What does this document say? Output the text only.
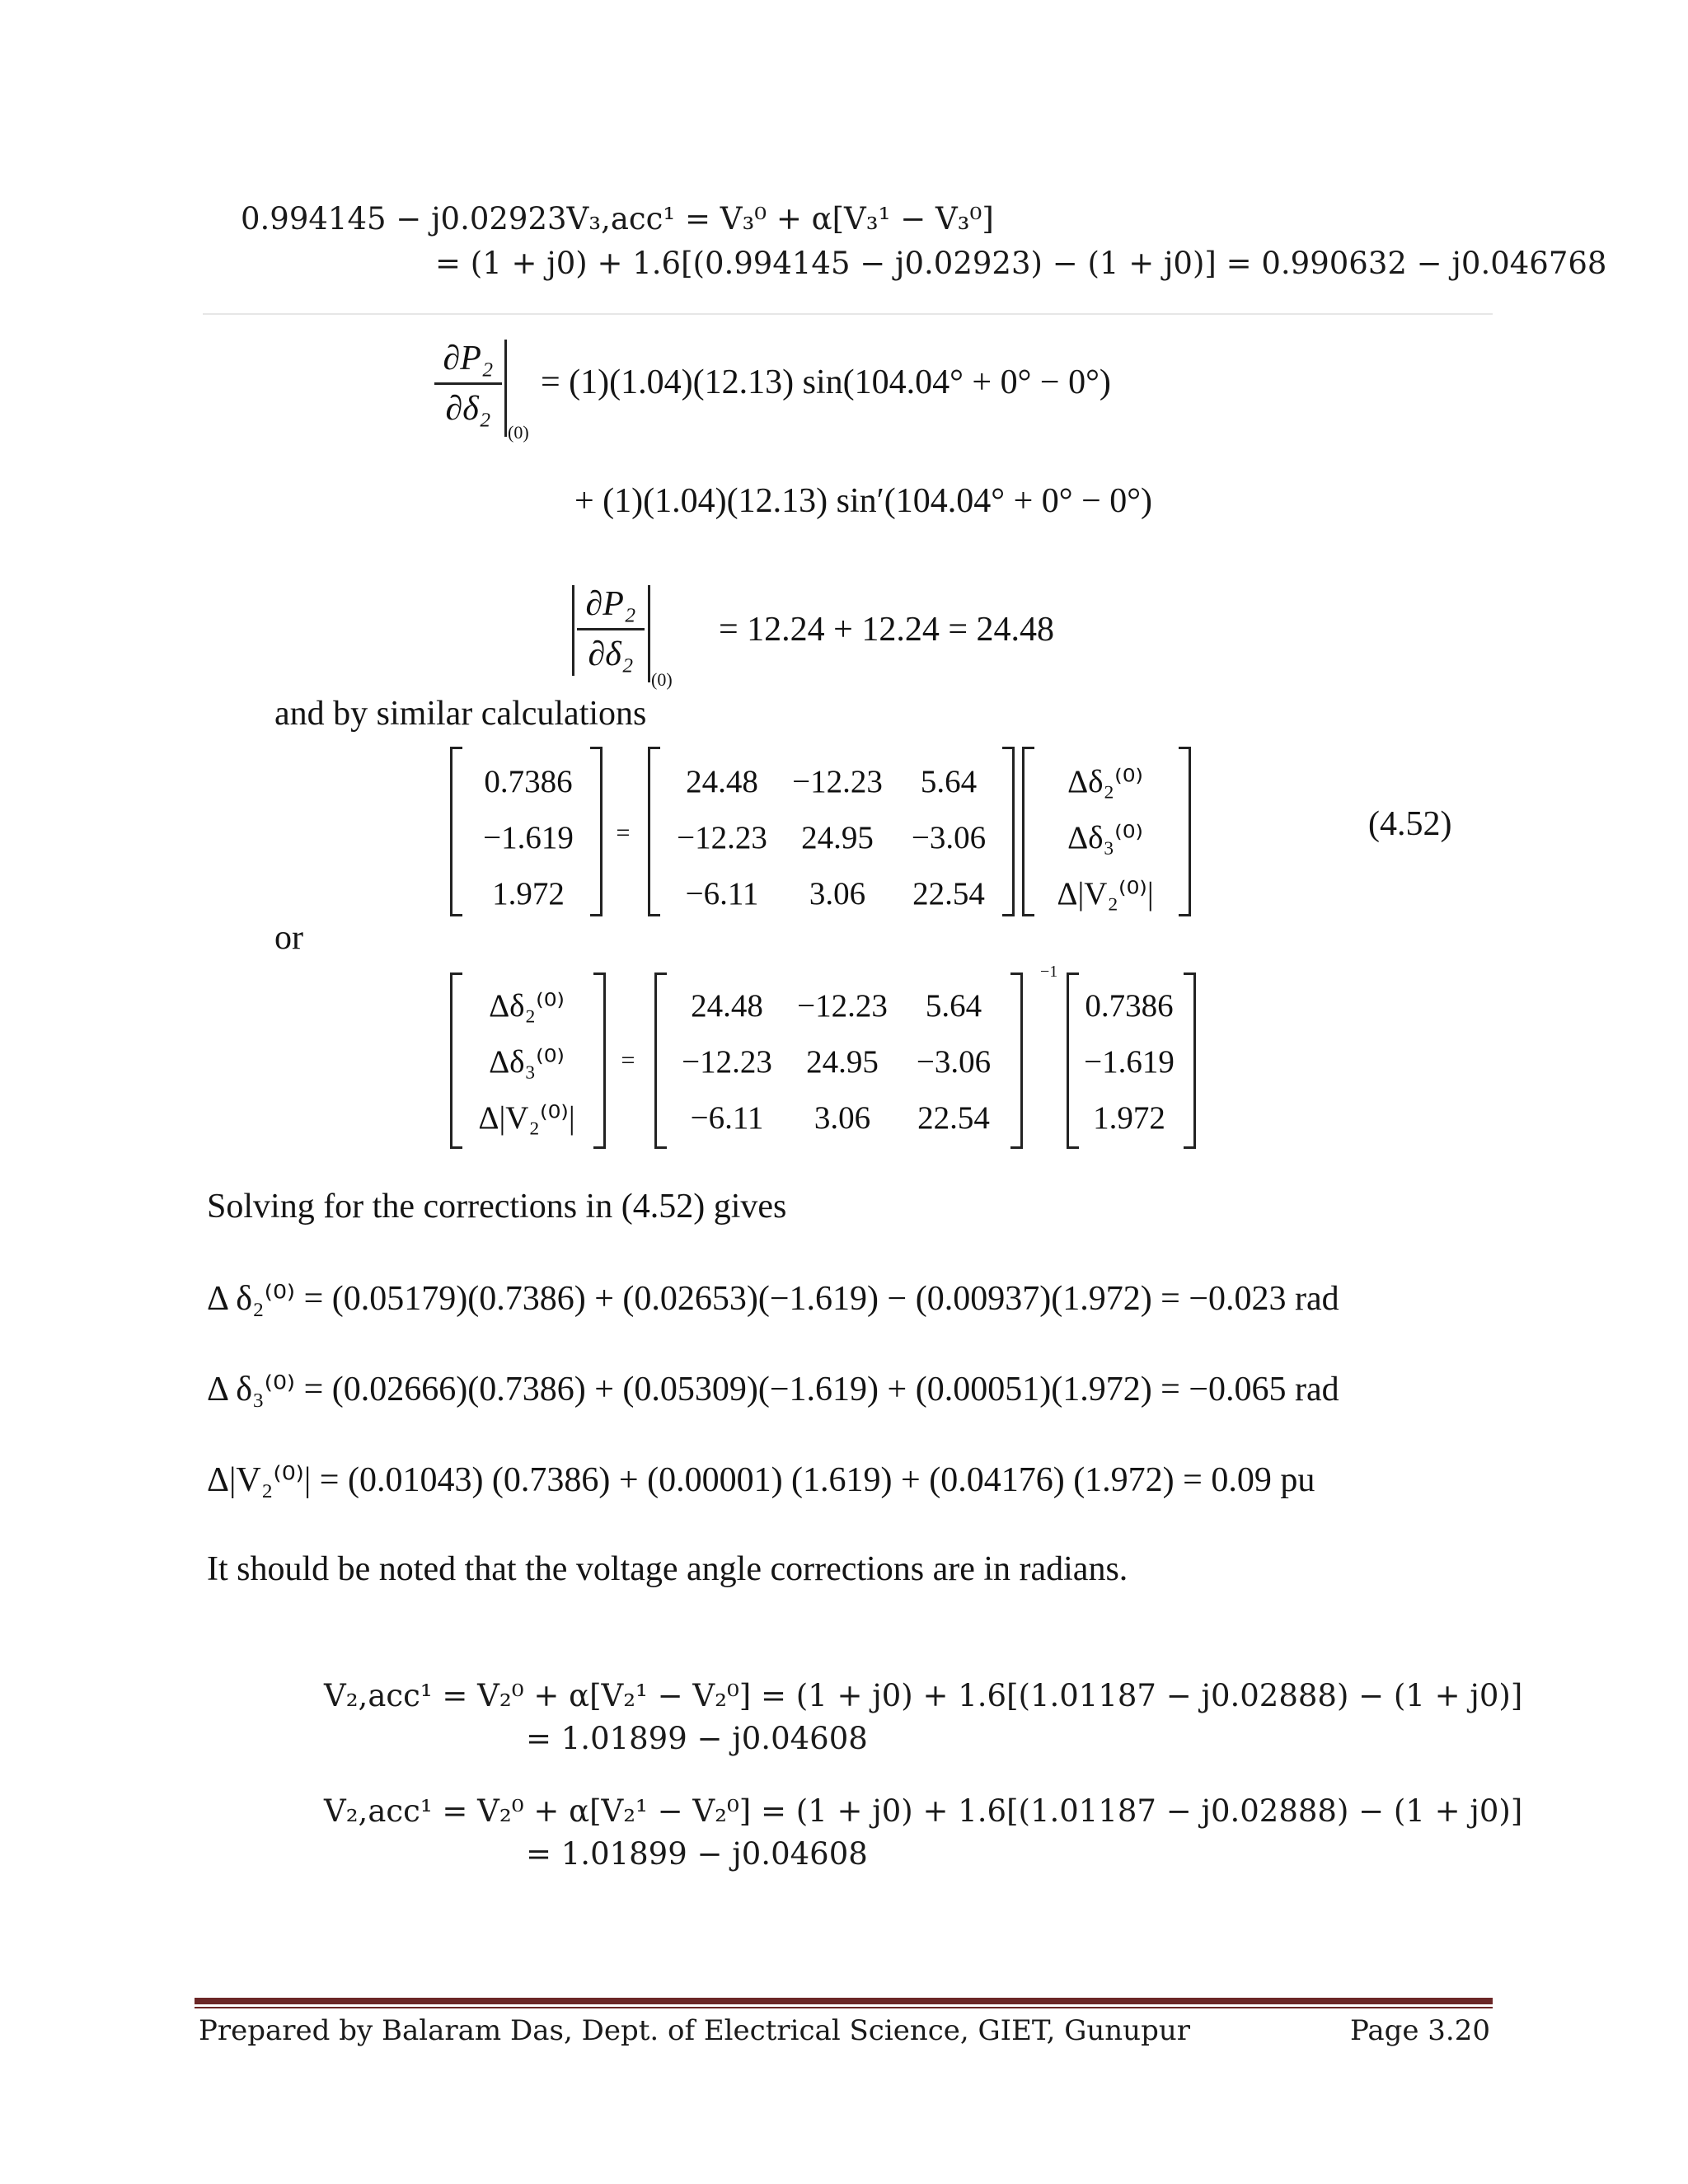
0.994145 − j0.02923V₃,acc¹ = V₃⁰ + α[V₃¹ − V₃⁰]
= (1 + j0) + 1.6[(0.994145 − j0.02923) − (1 + j0)] = 0.990632 − j0.046768
∂P₂
∂δ₂
(0)
= (1)(1.04)(12.13) sin(104.04° + 0° − 0°)
+ (1)(1.04)(12.13) sin′(104.04° + 0° − 0°)
∂P₂
∂δ₂
(0)
= 12.24 + 12.24 = 24.48
and by similar calculations
0.7386
−1.619
1.972
=
24.48	−12.23	5.64
−12.23	24.95	−3.06
−6.11	3.06	22.54
Δδ₂⁽⁰⁾
Δδ₃⁽⁰⁾
Δ|V₂⁽⁰⁾|
(4.52)
or
Δδ₂⁽⁰⁾
Δδ₃⁽⁰⁾
Δ|V₂⁽⁰⁾|
=
24.48	−12.23	5.64
−12.23	24.95	−3.06
−6.11	3.06	22.54
−1
0.7386
−1.619
1.972
Solving for the corrections in (4.52) gives
Δ δ₂⁽⁰⁾ = (0.05179)(0.7386) + (0.02653)(−1.619) − (0.00937)(1.972) = −0.023 rad
Δ δ₃⁽⁰⁾ = (0.02666)(0.7386) + (0.05309)(−1.619) + (0.00051)(1.972) = −0.065 rad
Δ|V₂⁽⁰⁾| = (0.01043) (0.7386) + (0.00001) (1.619) + (0.04176) (1.972) = 0.09 pu
It should be noted that the voltage angle corrections are in radians.
V₂,acc¹ = V₂⁰ + α[V₂¹ − V₂⁰] = (1 + j0) + 1.6[(1.01187 − j0.02888) − (1 + j0)]
= 1.01899 − j0.04608
V₂,acc¹ = V₂⁰ + α[V₂¹ − V₂⁰] = (1 + j0) + 1.6[(1.01187 − j0.02888) − (1 + j0)]
= 1.01899 − j0.04608
Prepared by Balaram Das, Dept. of Electrical Science, GIET, Gunupur	Page 3.20
